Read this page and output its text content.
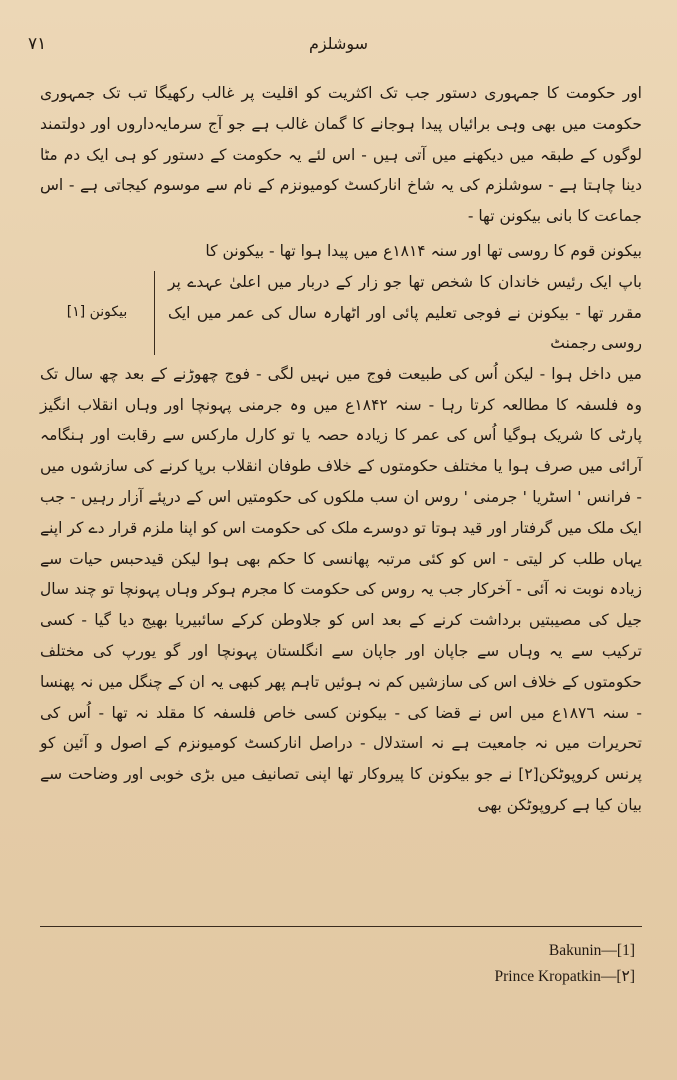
٧١	سوشلزم

اور حکومت کا جمہوری دستور جب تک اکثریت کو اقلیت پر غالب رکھیگا تب تک جمہوری حکومت میں بھی وہی برائیاں پیدا ہوجانے کا گمان غالب ہے جو آج سرمایہ‌داروں اور دولتمند لوگوں کے طبقہ میں دیکھنے میں آتی ہیں - اس لئے یہ حکومت کے دستور کو ہی ایک دم مٹا دینا چاہتا ہے - سوشلزم کی یہ شاخ انارکسٹ کومیونزم کے نام سے موسوم کیجاتی ہے - اس جماعت کا بانی بیکونن تھا -

بیکونن قوم کا روسی تھا اور سنہ ١٨١۴ع میں پیدا ہوا تھا - بیکونن کا

باپ ایک رئیس خاندان کا شخص تھا جو زار کے دربار میں اعلیٰ عہدے پر مقرر تھا - بیکونن نے فوجی تعلیم پائی اور اٹھارہ سال کی عمر میں ایک روسی رجمنٹ
بیکونن [١]

میں داخل ہوا - لیکن اُس کی طبیعت فوج میں نہیں لگی - فوج چھوڑنے کے بعد چھ سال تک وہ فلسفہ کا مطالعہ کرتا رہا - سنہ ١٨۴٢ع میں وہ جرمنی پہونچا اور وہاں انقلاب انگیز پارٹی کا شریک ہوگیا اُس کی عمر کا زیادہ حصہ یا تو کارل مارکس سے رقابت اور ہنگامہ آرائی میں صرف ہوا یا مختلف حکومتوں کے خلاف طوفان انقلاب برپا کرنے کی سازشوں میں - فرانس ' اسٹریا ' جرمنی ' روس ان سب ملکوں کی حکومتیں اس کے درپئے آزار رہیں - جب ایک ملک میں گرفتار اور قید ہوتا تو دوسرے ملک کی حکومت اس کو اپنا ملزم قرار دے کر اپنے یہاں طلب کر لیتی - اس کو کئی مرتبہ پھانسی کا حکم بھی ہوا لیکن قیدحبس حیات سے زیادہ نوبت نہ آئی - آخرکار جب یہ روس کی حکومت کا مجرم ہوکر وہاں پہونچا تو چند سال جیل کی مصیبتیں برداشت کرنے کے بعد اس کو جلاوطن کرکے سائبیریا بھیج دیا گیا - کسی ترکیب سے یہ وہاں سے جاپان اور جاپان سے انگلستان پہونچا اور گو یورپ کی مختلف حکومتوں کے خلاف اس کی سازشیں کم نہ ہوئیں تاہم پھر کبھی یہ ان کے چنگل میں نہ پھنسا - سنہ ١٨٧٦ع میں اس نے قضا کی - بیکونن کسی خاص فلسفہ کا مقلد نہ تھا - اُس کی تحریرات میں نہ جامعیت ہے نہ استدلال - دراصل انارکسٹ کومیونزم کے اصول و آئین کو پرنس کروپوٹکن[٢] نے جو بیکونن کا پیروکار تھا اپنی تصانیف میں بڑی خوبی اور وضاحت سے بیان کیا ہے کروپوٹکن بھی

Bakunin—[1]
Prince Kropatkin—[٢]
